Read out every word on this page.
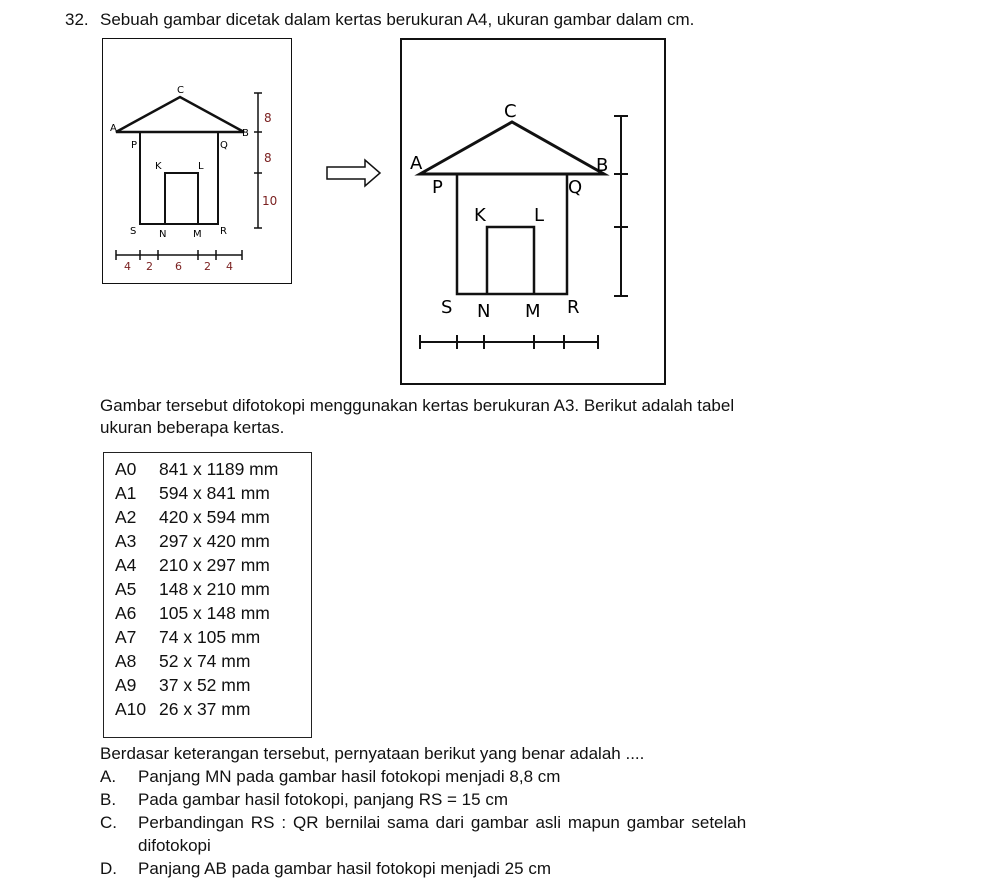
32. Sebuah gambar dicetak dalam kertas berukuran A4, ukuran gambar dalam cm.
C
A	B
P	Q
K	L
S N	M R
8
8
10
4 2 6 2 4
C
A	B
P	Q
K	L
S N M R
Gambar tersebut difotokopi menggunakan kertas berukuran A3. Berikut adalah tabel
ukuran beberapa kertas.
A0 841 x 1189 mm
A1 594 x 841 mm
A2 420 x 594 mm
A3 297 x 420 mm
A4 210 x 297 mm
A5 148 x 210 mm
A6 105 x 148 mm
A7 74 x 105 mm
A8 52 x 74 mm
A9 37 x 52 mm
A10 26 x 37 mm
Berdasar keterangan tersebut, pernyataan berikut yang benar adalah ....
A. Panjang MN pada gambar hasil fotokopi menjadi 8,8 cm
B. Pada gambar hasil fotokopi, panjang RS = 15 cm
C. Perbandingan RS : QR bernilai sama dari gambar asli mapun gambar setelah
difotokopi
D. Panjang AB pada gambar hasil fotokopi menjadi 25 cm
